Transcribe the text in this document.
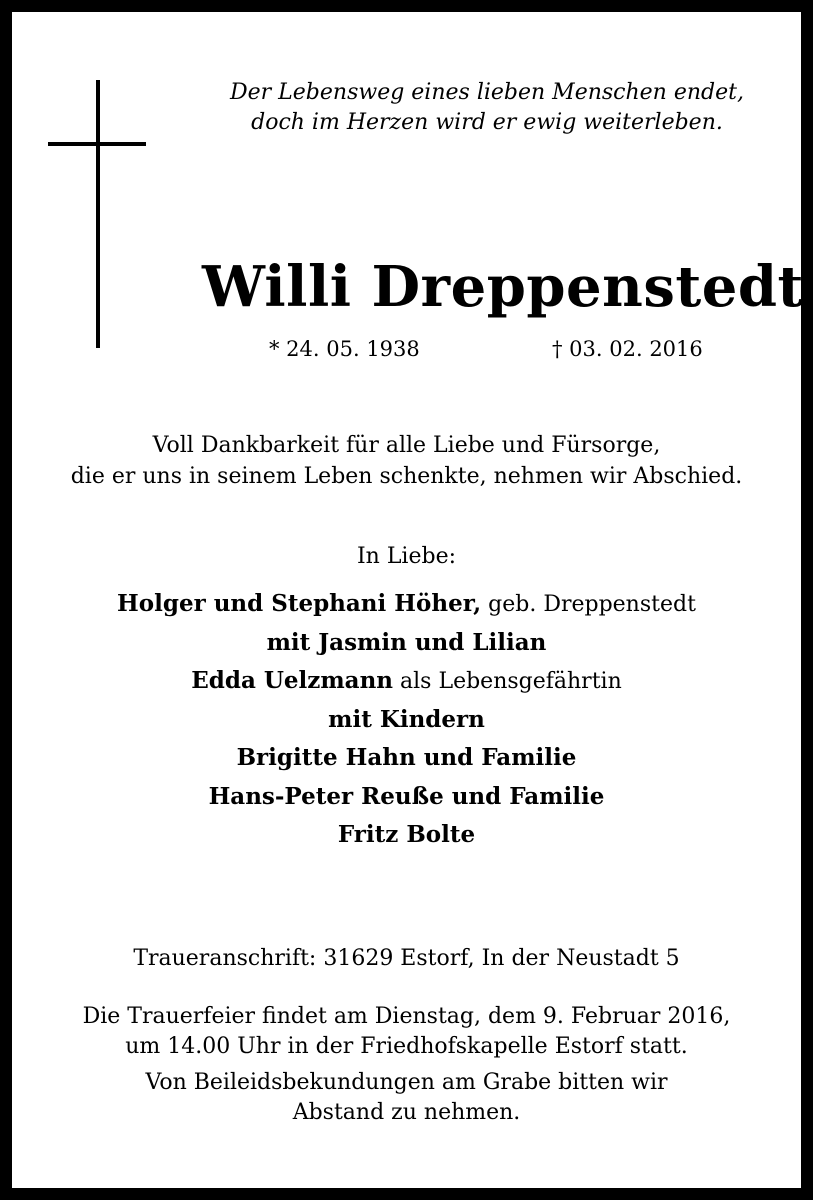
Der Lebensweg eines lieben Menschen endet,
doch im Herzen wird er ewig weiterleben.
Willi Dreppenstedt
* 24. 05. 1938	† 03. 02. 2016
Voll Dankbarkeit für alle Liebe und Fürsorge,
die er uns in seinem Leben schenkte, nehmen wir Abschied.
In Liebe:
Holger und Stephani Höher, geb. Dreppenstedt
mit Jasmin und Lilian
Edda Uelzmann als Lebensgefährtin
mit Kindern
Brigitte Hahn und Familie
Hans-Peter Reuße und Familie
Fritz Bolte
Traueranschrift: 31629 Estorf, In der Neustadt 5
Die Trauerfeier findet am Dienstag, dem 9. Februar 2016,
um 14.00 Uhr in der Friedhofskapelle Estorf statt.
Von Beileidsbekundungen am Grabe bitten wir
Abstand zu nehmen.
